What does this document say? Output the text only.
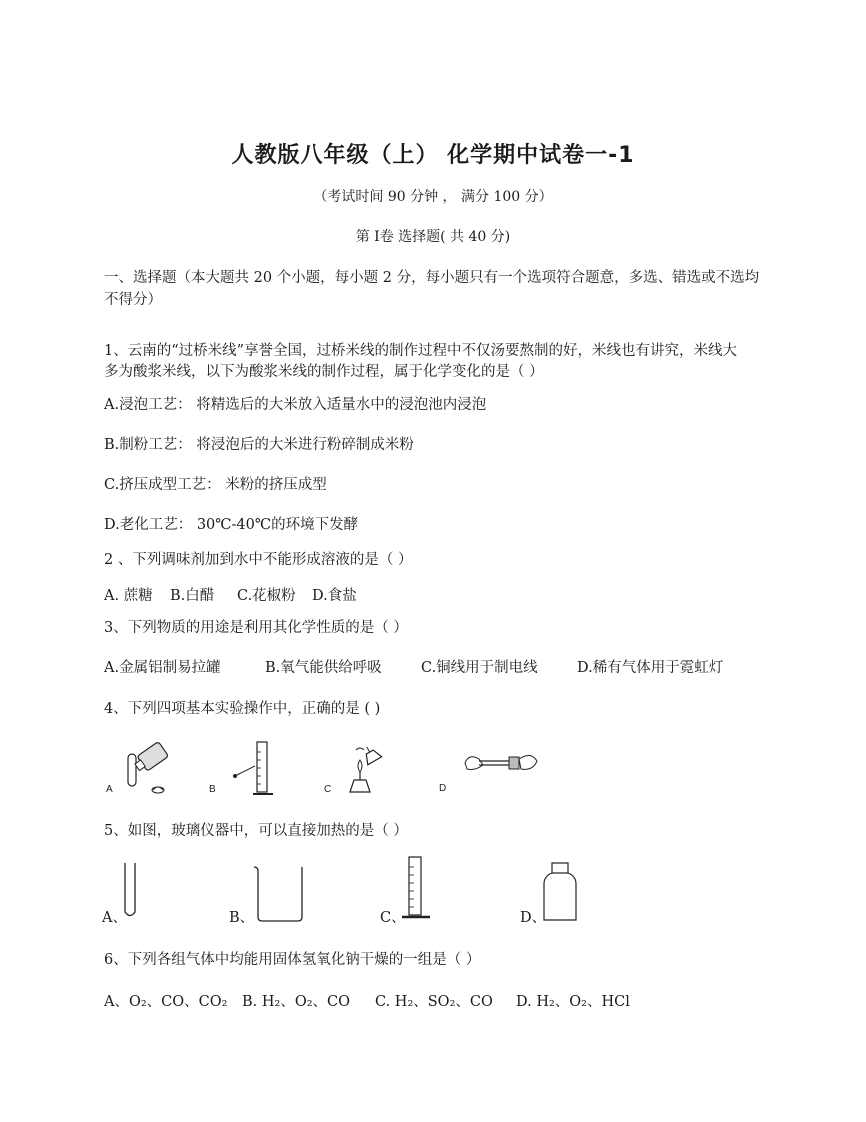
人教版八年级（上） 化学期中试卷一-1
（考试时间 90 分钟 ， 满分 100 分）
第 Ⅰ卷 选择题( 共 40 分)
一、选择题（本大题共 20 个小题，每小题 2 分，每小题只有一个选项符合题意，多选、错选或不选均不得分）
1、云南的“过桥米线”享誉全国，过桥米线的制作过程中不仅汤要熬制的好，米线也有讲究，米线大
多为酸浆米线，以下为酸浆米线的制作过程，属于化学变化的是（ ）
A.浸泡工艺： 将精选后的大米放入适量水中的浸泡池内浸泡
B.制粉工艺： 将浸泡后的大米进行粉碎制成米粉
C.挤压成型工艺： 米粉的挤压成型
D.老化工艺： 30℃-40℃的环境下发酵
2 、下列调味剂加到水中不能形成溶液的是（ ）
A. 蔗糖 B.白醋 C.花椒粉 D.食盐
3、下列物质的用途是利用其化学性质的是（ ）
A.金属铝制易拉罐	B.氧气能供给呼吸	C.铜线用于制电线	D.稀有气体用于霓虹灯
4、下列四项基本实验操作中，正确的是 ( )
A	B	C	D
5、如图，玻璃仪器中，可以直接加热的是（ ）
A、	B、	C、	D、
6、下列各组气体中均能用固体氢氧化钠干燥的一组是（ ）
A、O₂、CO、CO₂ B. H₂、O₂、CO C. H₂、SO₂、CO D. H₂、O₂、HCl
